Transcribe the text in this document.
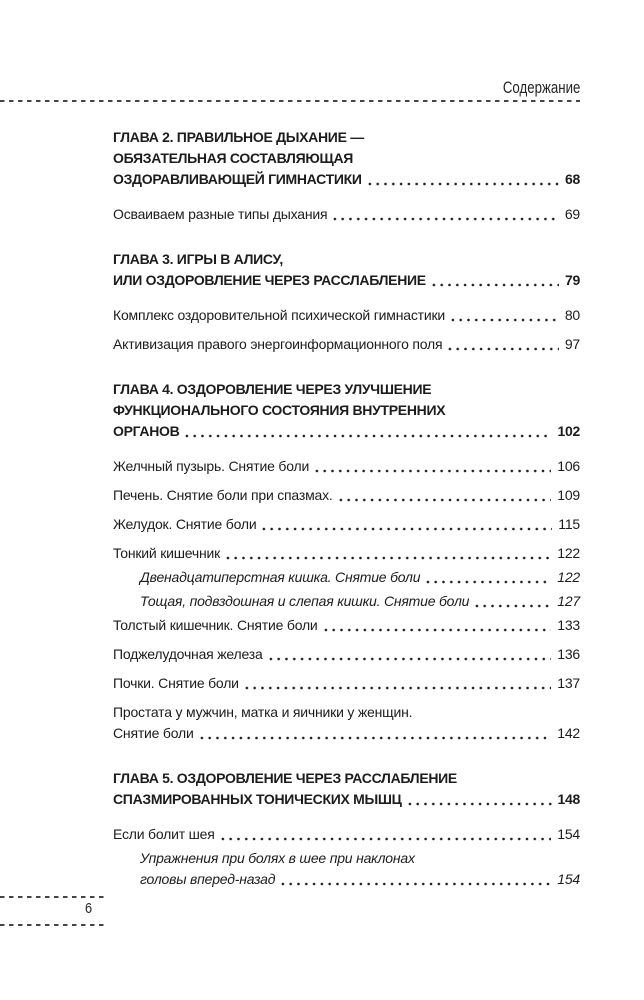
Содержание
ГЛАВА 2. ПРАВИЛЬНОЕ ДЫХАНИЕ —
ОБЯЗАТЕЛЬНАЯ СОСТАВЛЯЮЩАЯ
ОЗДОРАВЛИВАЮЩЕЙ ГИМНАСТИКИ	68
Осваиваем разные типы дыхания	69
ГЛАВА 3. ИГРЫ В АЛИСУ,
ИЛИ ОЗДОРОВЛЕНИЕ ЧЕРЕЗ РАССЛАБЛЕНИЕ	79
Комплекс оздоровительной психической гимнастики	80
Активизация правого энергоинформационного поля	97
ГЛАВА 4. ОЗДОРОВЛЕНИЕ ЧЕРЕЗ УЛУЧШЕНИЕ
ФУНКЦИОНАЛЬНОГО СОСТОЯНИЯ ВНУТРЕННИХ
ОРГАНОВ	102
Желчный пузырь. Снятие боли	106
Печень. Снятие боли при спазмах.	109
Желудок. Снятие боли	115
Тонкий кишечник	122
Двенадцатиперстная кишка. Снятие боли	122
Тощая, подвздошная и слепая кишки. Снятие боли	127
Толстый кишечник. Снятие боли	133
Поджелудочная железа	136
Почки. Снятие боли	137
Простата у мужчин, матка и яичники у женщин.
Снятие боли	142
ГЛАВА 5. ОЗДОРОВЛЕНИЕ ЧЕРЕЗ РАССЛАБЛЕНИЕ
СПАЗМИРОВАННЫХ ТОНИЧЕСКИХ МЫШЦ	148
Если болит шея	154
Упражнения при болях в шее при наклонах
головы вперед-назад	154
6
